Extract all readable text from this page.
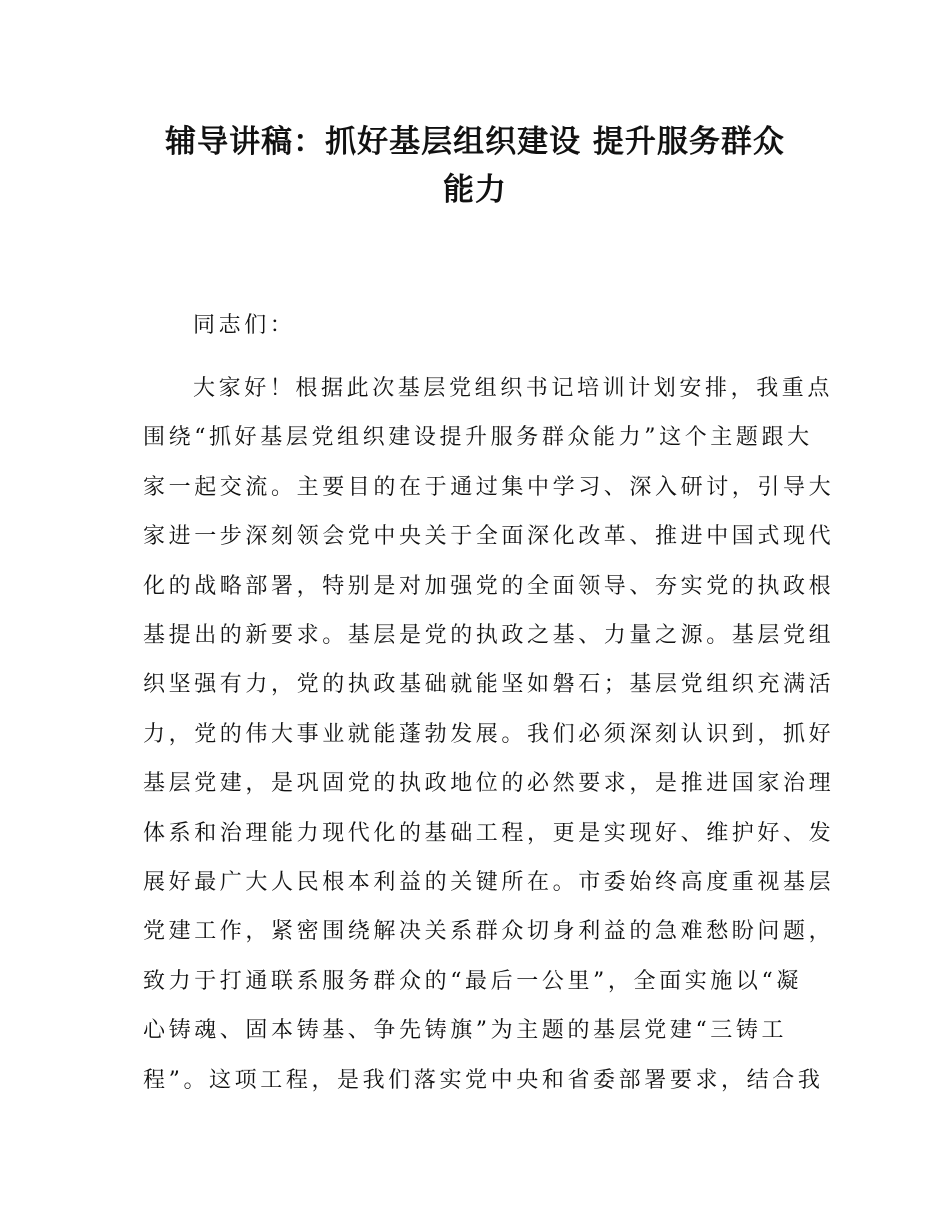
辅导讲稿：抓好基层组织建设 提升服务群众
能力
同志们：
大家好！根据此次基层党组织书记培训计划安排，我重点
围绕“抓好基层党组织建设提升服务群众能力”这个主题跟大
家一起交流。主要目的在于通过集中学习、深入研讨，引导大
家进一步深刻领会党中央关于全面深化改革、推进中国式现代
化的战略部署，特别是对加强党的全面领导、夯实党的执政根
基提出的新要求。基层是党的执政之基、力量之源。基层党组
织坚强有力，党的执政基础就能坚如磐石；基层党组织充满活
力，党的伟大事业就能蓬勃发展。我们必须深刻认识到，抓好
基层党建，是巩固党的执政地位的必然要求，是推进国家治理
体系和治理能力现代化的基础工程，更是实现好、维护好、发
展好最广大人民根本利益的关键所在。市委始终高度重视基层
党建工作，紧密围绕解决关系群众切身利益的急难愁盼问题，
致力于打通联系服务群众的“最后一公里”，全面实施以“凝
心铸魂、固本铸基、争先铸旗”为主题的基层党建“三铸工
程”。这项工程，是我们落实党中央和省委部署要求，结合我
